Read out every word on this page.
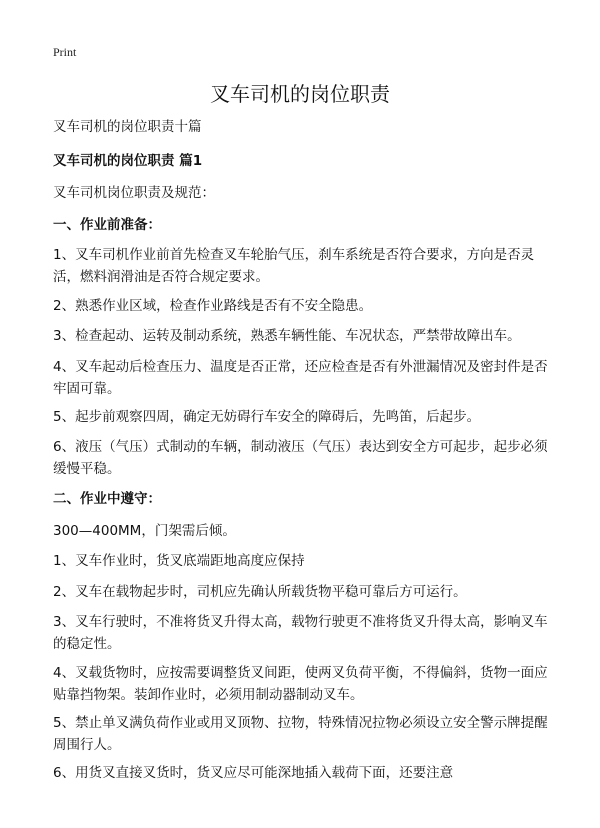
Print
叉车司机的岗位职责

叉车司机的岗位职责十篇

叉车司机的岗位职责 篇1

叉车司机岗位职责及规范：

一、作业前准备：

1、叉车司机作业前首先检查叉车轮胎气压，刹车系统是否符合要求，方向是否灵活，燃料润滑油是否符合规定要求。

2、熟悉作业区域，检查作业路线是否有不安全隐患。

3、检查起动、运转及制动系统，熟悉车辆性能、车况状态，严禁带故障出车。

4、叉车起动后检查压力、温度是否正常，还应检查是否有外泄漏情况及密封件是否牢固可靠。

5、起步前观察四周，确定无妨碍行车安全的障碍后，先鸣笛，后起步。

6、液压（气压）式制动的车辆，制动液压（气压）表达到安全方可起步，起步必须缓慢平稳。

二、作业中遵守：

300—400MM，门架需后倾。

1、叉车作业时，货叉底端距地高度应保持

2、叉车在载物起步时，司机应先确认所载货物平稳可靠后方可运行。

3、叉车行驶时，不准将货叉升得太高，载物行驶更不准将货叉升得太高，影响叉车的稳定性。

4、叉载货物时，应按需要调整货叉间距，使两叉负荷平衡，不得偏斜，货物一面应贴靠挡物架。装卸作业时，必须用制动器制动叉车。

5、禁止单叉满负荷作业或用叉顶物、拉物，特殊情况拉物必须设立安全警示牌提醒周围行人。

6、用货叉直接叉货时，货叉应尽可能深地插入载荷下面，还要注意
